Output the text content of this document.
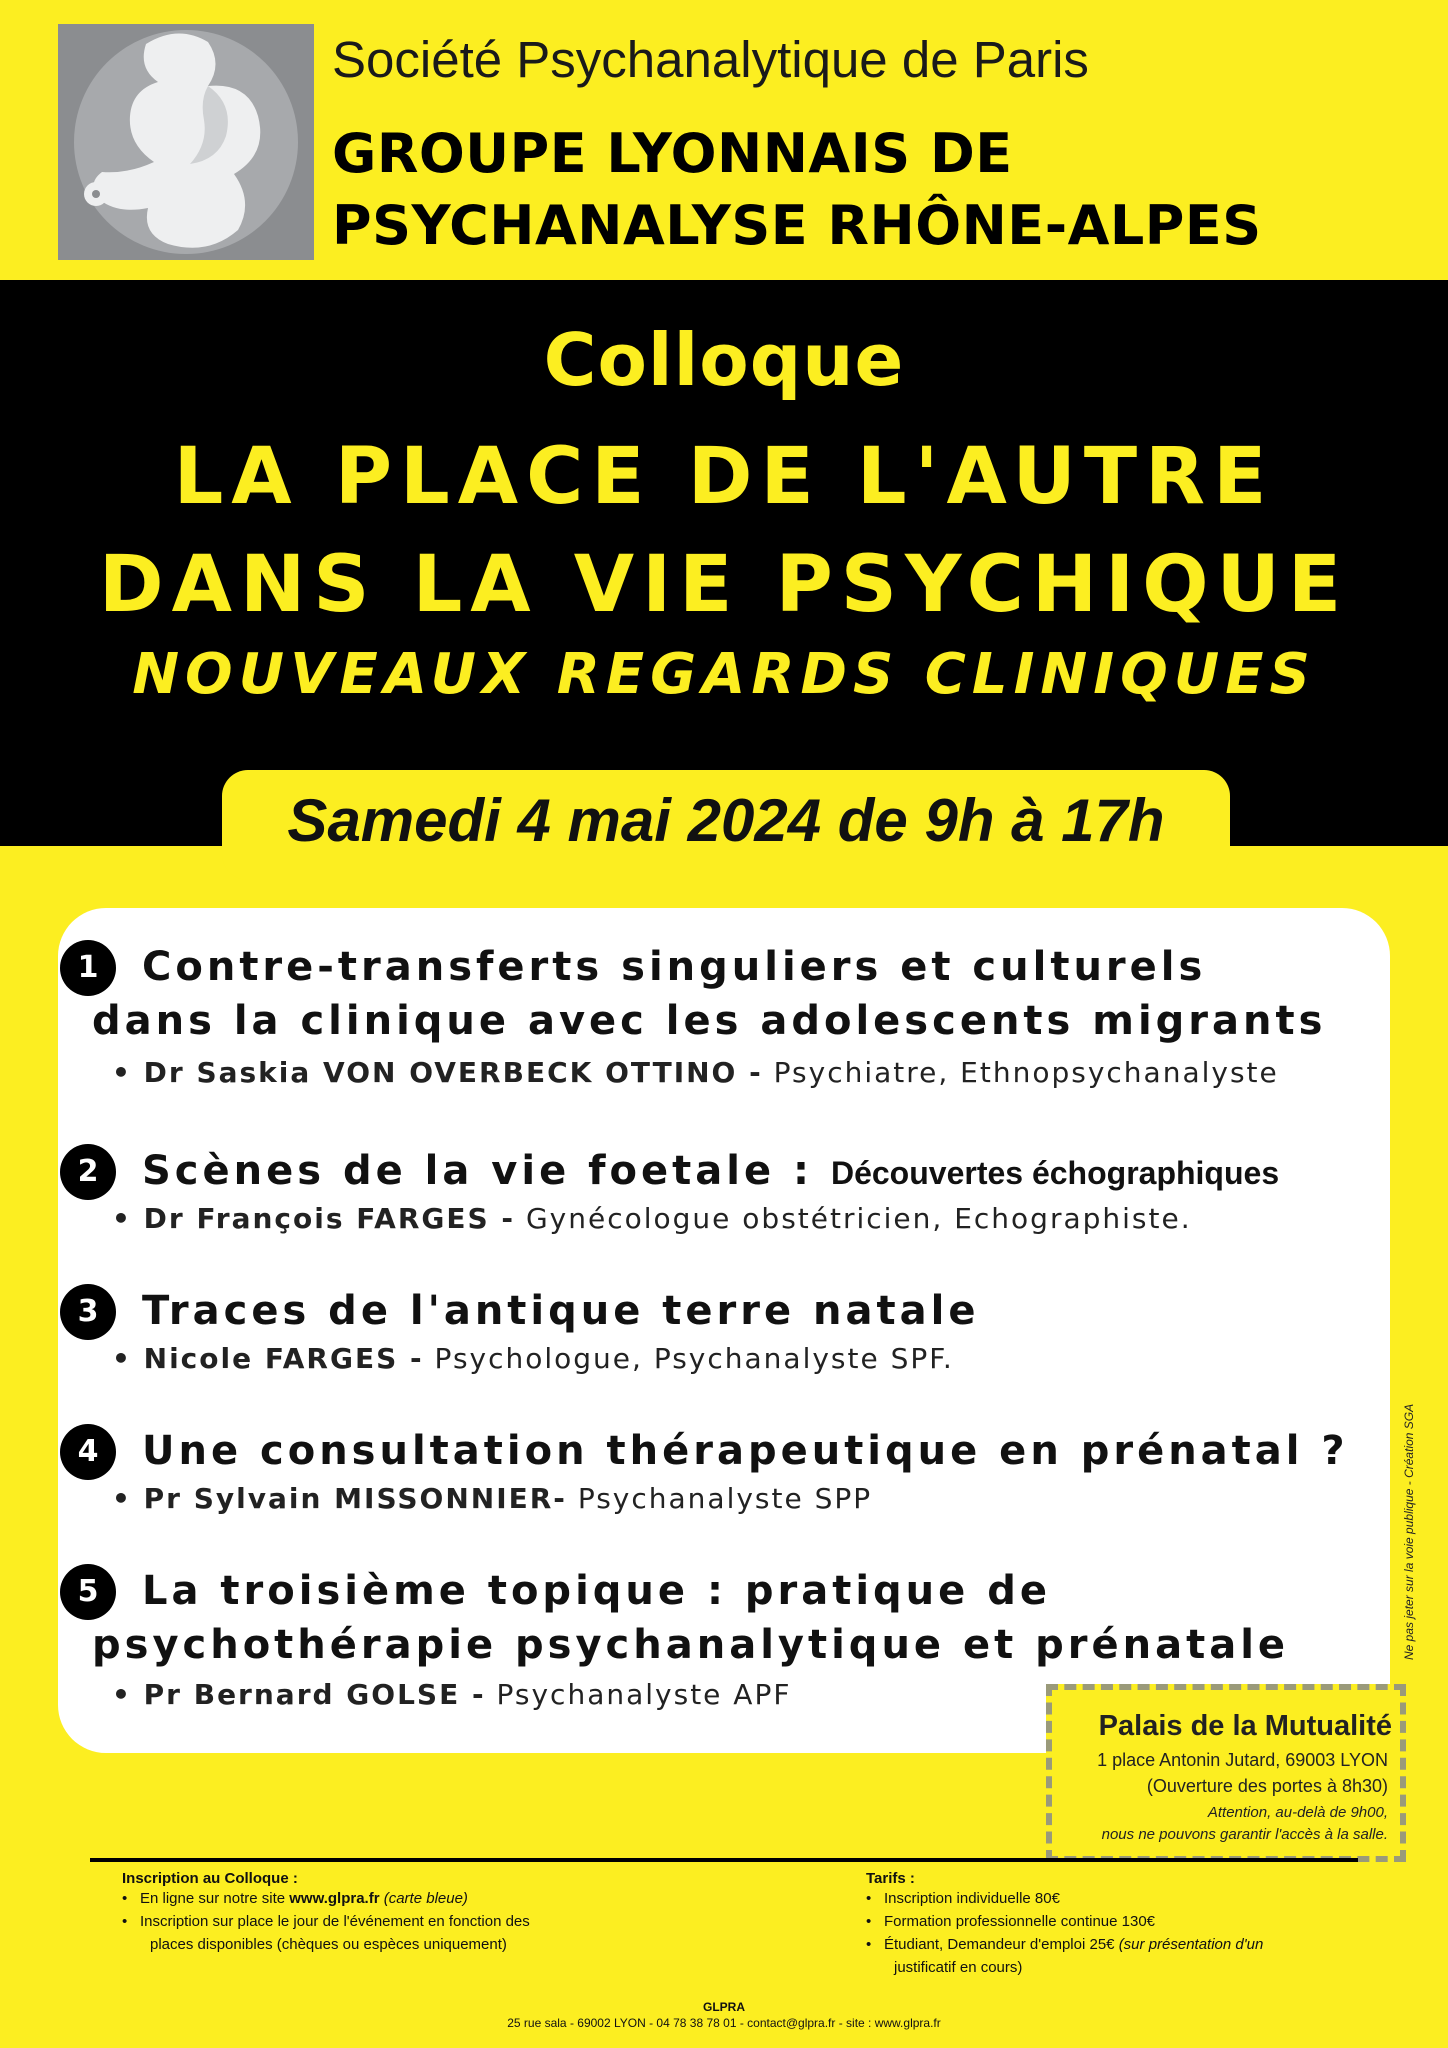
Société Psychanalytique de Paris
GROUPE LYONNAIS DE
PSYCHANALYSE RHÔNE-ALPES
Colloque
LA PLACE DE L'AUTRE
DANS LA VIE PSYCHIQUE
NOUVEAUX REGARDS CLINIQUES
Samedi 4 mai 2024 de 9h à 17h
1	Contre-transferts singuliers et culturels
dans la clinique avec les adolescents migrants
• Dr Saskia VON OVERBECK OTTINO - Psychiatre, Ethnopsychanalyste
2	Scènes de la vie foetale : Découvertes échographiques
• Dr François FARGES - Gynécologue obstétricien, Echographiste.
3	Traces de l'antique terre natale
• Nicole FARGES - Psychologue, Psychanalyste SPF.
4	Une consultation thérapeutique en prénatal ?
• Pr Sylvain MISSONNIER- Psychanalyste SPP
5	La troisième topique : pratique de
psychothérapie psychanalytique et prénatale
• Pr Bernard GOLSE - Psychanalyste APF
Palais de la Mutualité
1 place Antonin Jutard, 69003 LYON
(Ouverture des portes à 8h30)
Attention, au-delà de 9h00,
nous ne pouvons garantir l'accès à la salle.
Ne pas jeter sur la voie publique - Création SGA
Inscription au Colloque :
• En ligne sur notre site www.glpra.fr (carte bleue)
• Inscription sur place le jour de l'événement en fonction des
places disponibles (chèques ou espèces uniquement)
Tarifs :
• Inscription individuelle 80€
• Formation professionnelle continue 130€
• Étudiant, Demandeur d'emploi 25€ (sur présentation d'un
justificatif en cours)
GLPRA
25 rue sala - 69002 LYON - 04 78 38 78 01 - contact@glpra.fr - site : www.glpra.fr
